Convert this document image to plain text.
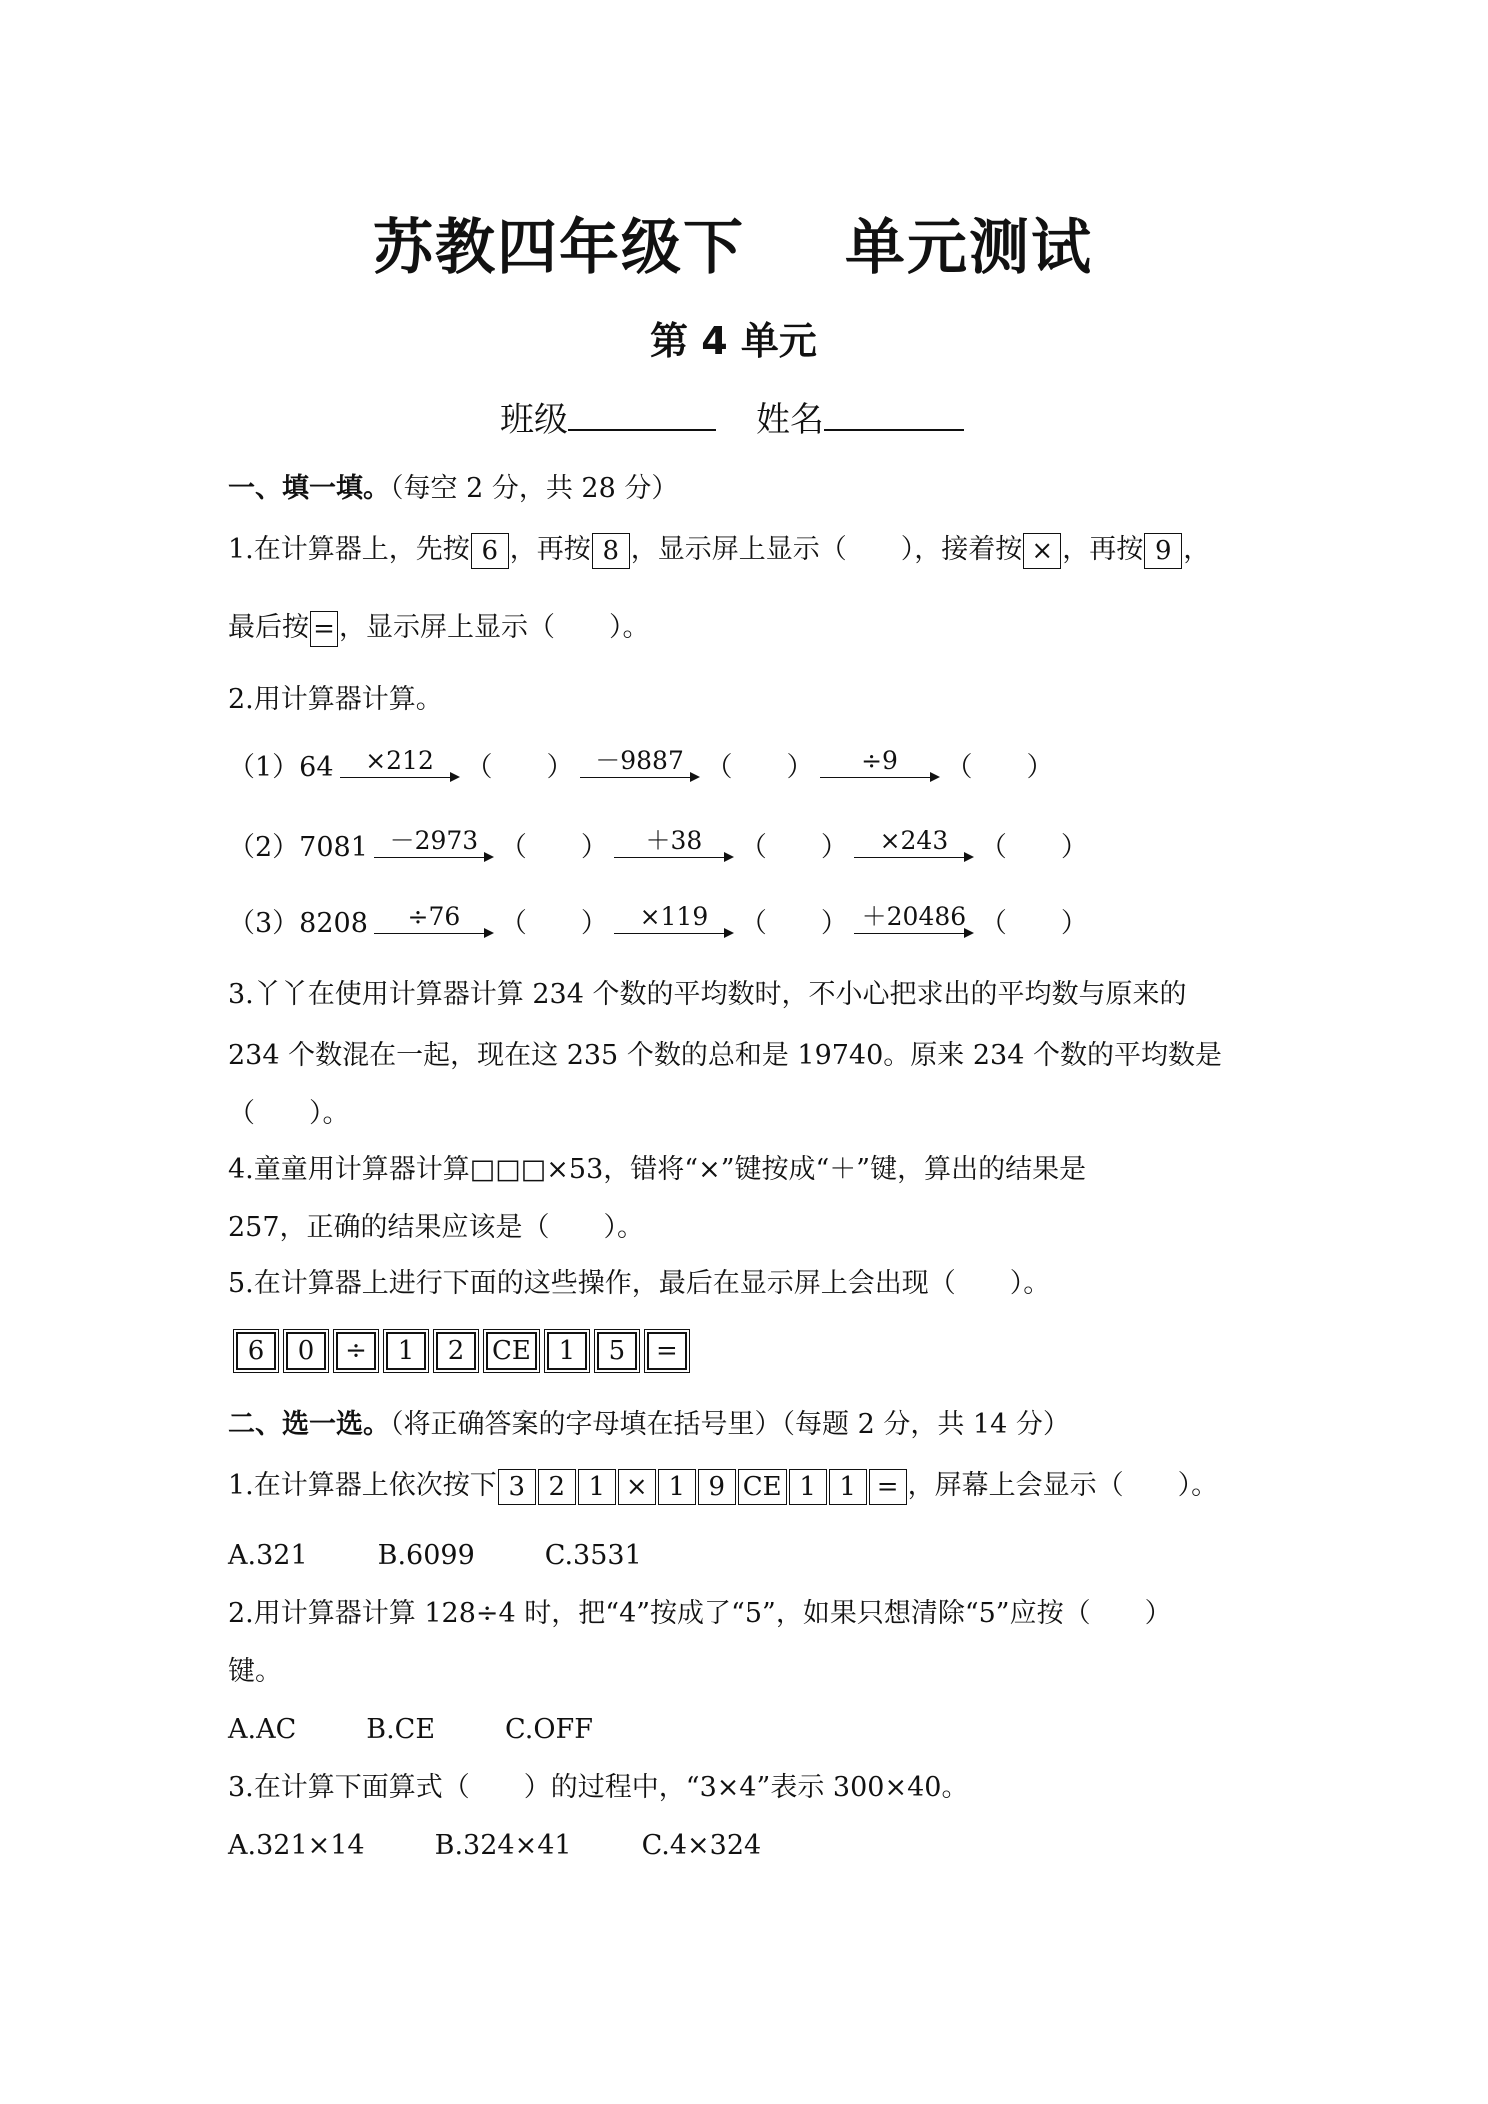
苏教四年级下 单元测试
第 4 单元
班级	姓名
一、填一填。（每空 2 分，共 28 分）
1.在计算器上，先按 6 ，再按 8 ，显示屏上显示（　　），接着按 × ，再按 9 ，
最后按 = ，显示屏上显示（　　）。
2.用计算器计算。
（1）64	×212	（　　） －9887 （　　）	÷9	（　　）
（2）7081 －2973 （　　）	＋38	（　　）	×243	（　　）
（3）8208	÷76	（　　）	×119	（　　） ＋20486 （　　）
3.丫丫在使用计算器计算 234 个数的平均数时，不小心把求出的平均数与原来的
234 个数混在一起，现在这 235 个数的总和是 19740。原来 234 个数的平均数是
（　　）。
4.童童用计算器计算□□□×53，错将“×”键按成“＋”键，算出的结果是
257，正确的结果应该是（　　）。
5.在计算器上进行下面的这些操作，最后在显示屏上会出现（　　）。
6 0 ÷ 1 2 CE 1 5 =
二、选一选。（将正确答案的字母填在括号里）（每题 2 分，共 14 分）
1.在计算器上依次按下 3 2 1 × 1 9 CE 1 1 = ，屏幕上会显示（　　）。
A.321	B.6099	C.3531
2.用计算器计算 128÷4 时，把“4”按成了“5”，如果只想清除“5”应按（　　）
键。
A.AC	B.CE	C.OFF
3.在计算下面算式（　　）的过程中，“3×4”表示 300×40。
A.321×14	B.324×41	C.4×324
